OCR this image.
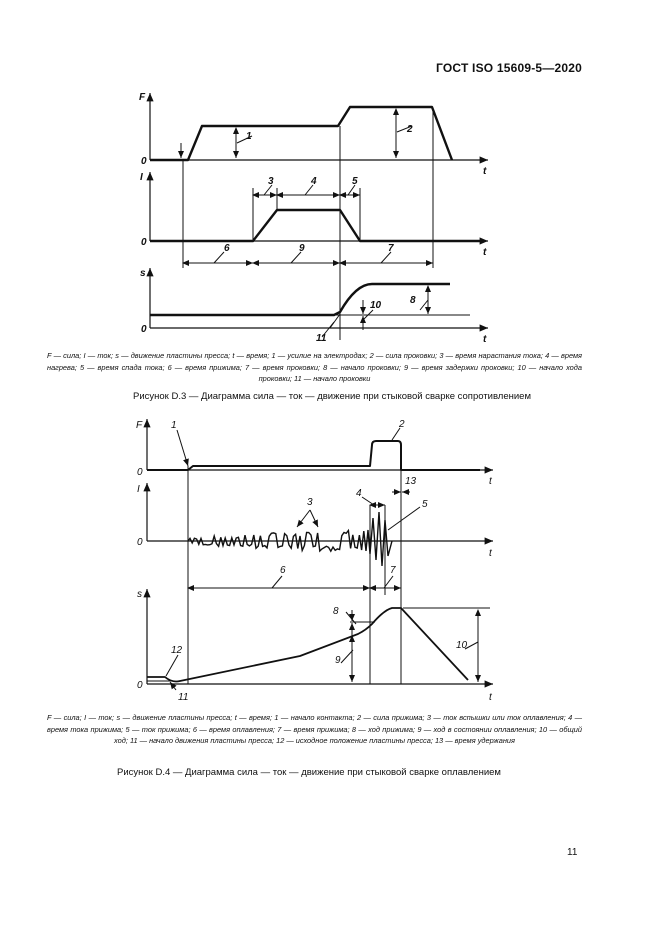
ГОСТ ISO 15609-5—2020
F
0
t
1
2
I
0
t
3	4	5
6	9	7
s
0
t
8
10
11
F — сила; I — ток; s — движение пластины пресса; t — время; 1 — усилие на электродах; 2 — сила проковки; 3 — время нарастания тока; 4 — время нагрева; 5 — время спада тока; 6 — время прижима; 7 — время проковки; 8 — начало проковки; 9 — время задержки проковки; 10 — начало хода проковки; 11 — начало проковки
Рисунок D.3 — Диаграмма сила — ток — движение при стыковой сварке сопротивлением
F
0
t
1	2
13
I
0
t
4
5
3
6	7
s
0
t
8
9
10
12
11
F — сила; I — ток; s — движение пластины пресса; t — время; 1 — начало контакта; 2 — сила прижима; 3 — ток вспышки или ток оплавления; 4 — время тока прижима; 5 — ток прижима; 6 — время оплавления; 7 — время прижима; 8 — ход прижима; 9 — ход в состоянии оплавления; 10 — общий ход; 11 — начало движения пластины пресса; 12 — исходное положение пластины пресса; 13 — время удержания
Рисунок D.4 — Диаграмма сила — ток — движение при стыковой сварке оплавлением
11
